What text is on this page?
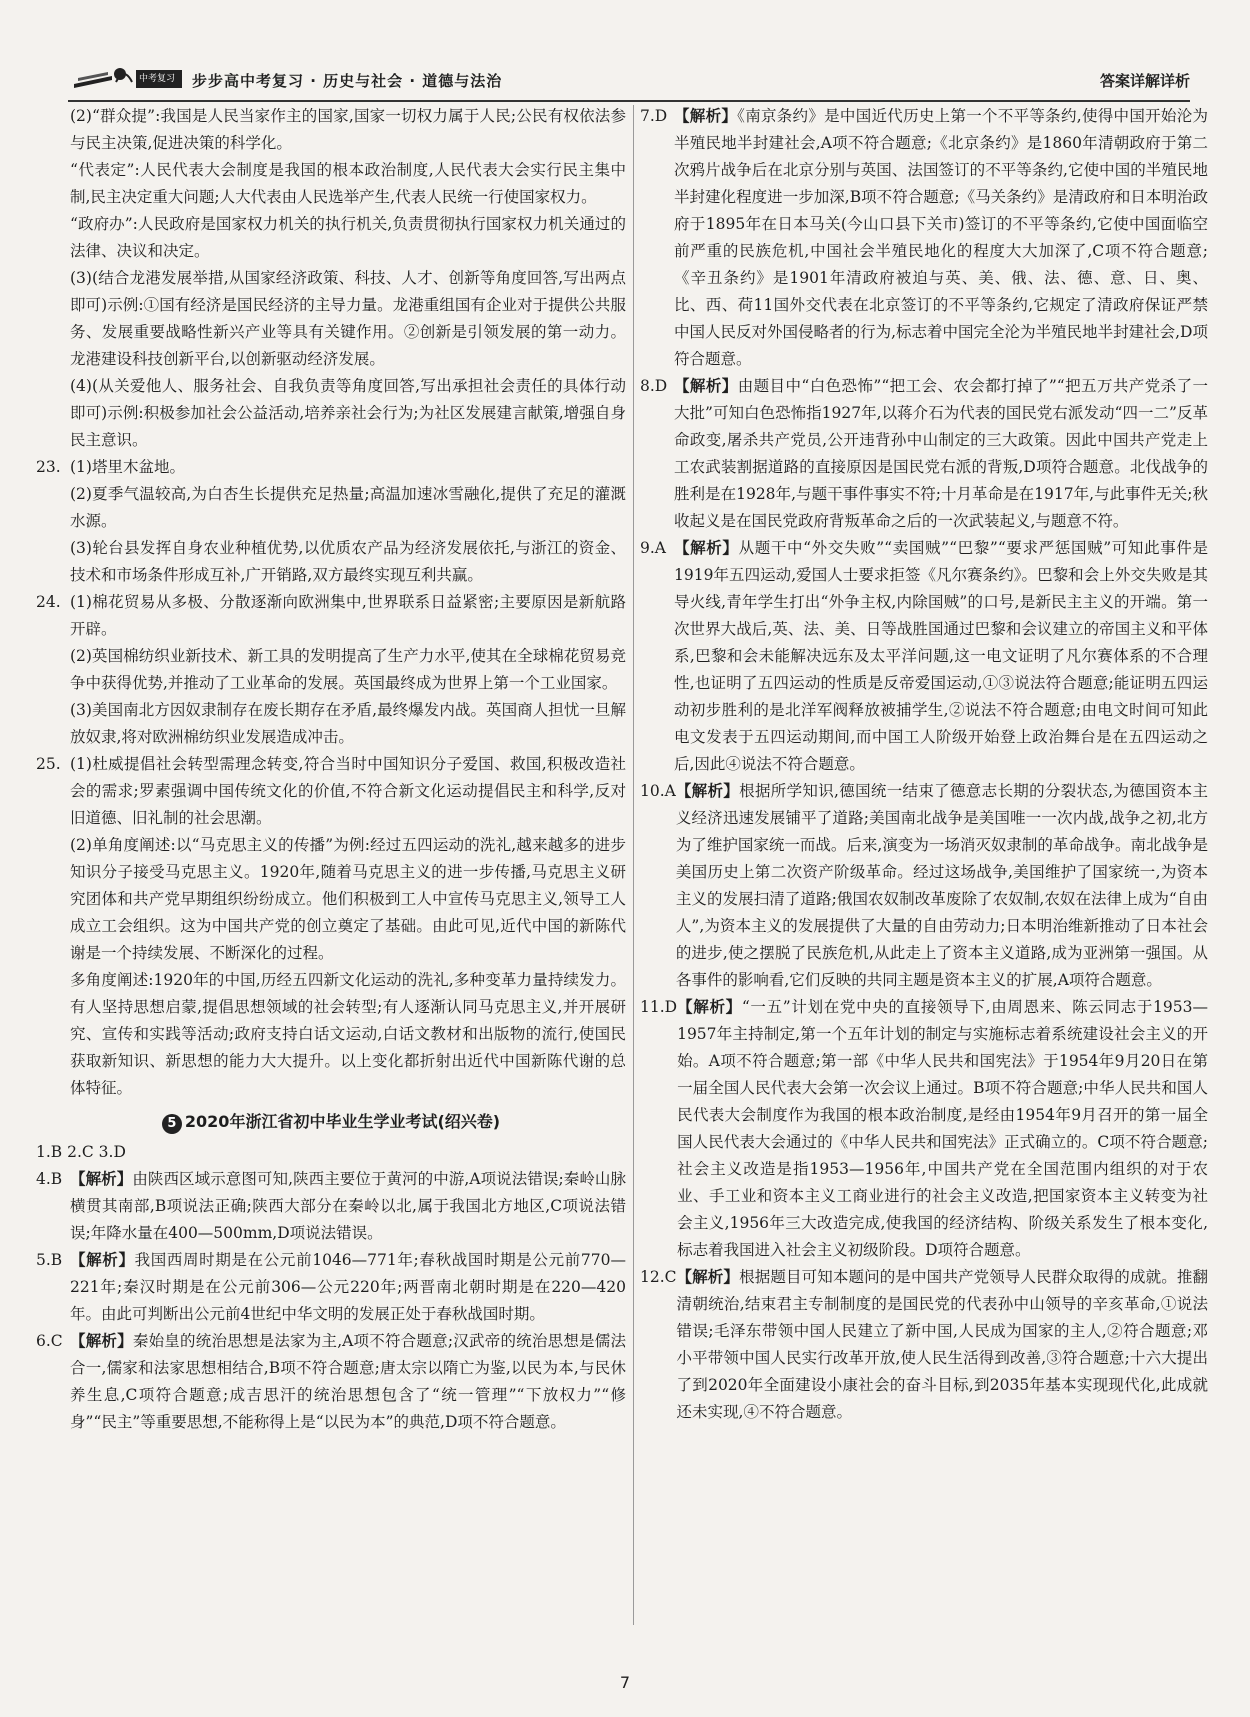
中考复习 步步高中考复习 · 历史与社会 · 道德与法治	答案详解详析

(2)“群众提”:我国是人民当家作主的国家,国家一切权力属于人民;公民有权依法参与民主决策,促进决策的科学化。

“代表定”:人民代表大会制度是我国的根本政治制度,人民代表大会实行民主集中制,民主决定重大问题;人大代表由人民选举产生,代表人民统一行使国家权力。

“政府办”:人民政府是国家权力机关的执行机关,负责贯彻执行国家权力机关通过的法律、决议和决定。

(3)(结合龙港发展举措,从国家经济政策、科技、人才、创新等角度回答,写出两点即可)示例:①国有经济是国民经济的主导力量。龙港重组国有企业对于提供公共服务、发展重要战略性新兴产业等具有关键作用。②创新是引领发展的第一动力。龙港建设科技创新平台,以创新驱动经济发展。

(4)(从关爱他人、服务社会、自我负责等角度回答,写出承担社会责任的具体行动即可)示例:积极参加社会公益活动,培养亲社会行为;为社区发展建言献策,增强自身民主意识。

23. (1)塔里木盆地。

(2)夏季气温较高,为白杏生长提供充足热量;高温加速冰雪融化,提供了充足的灌溉水源。

(3)轮台县发挥自身农业种植优势,以优质农产品为经济发展依托,与浙江的资金、技术和市场条件形成互补,广开销路,双方最终实现互利共赢。

24. (1)棉花贸易从多极、分散逐渐向欧洲集中,世界联系日益紧密;主要原因是新航路开辟。

(2)英国棉纺织业新技术、新工具的发明提高了生产力水平,使其在全球棉花贸易竞争中获得优势,并推动了工业革命的发展。英国最终成为世界上第一个工业国家。

(3)美国南北方因奴隶制存在废长期存在矛盾,最终爆发内战。英国商人担忧一旦解放奴隶,将对欧洲棉纺织业发展造成冲击。

25. (1)杜威提倡社会转型需理念转变,符合当时中国知识分子爱国、救国,积极改造社会的需求;罗素强调中国传统文化的价值,不符合新文化运动提倡民主和科学,反对旧道德、旧礼制的社会思潮。

(2)单角度阐述:以“马克思主义的传播”为例:经过五四运动的洗礼,越来越多的进步知识分子接受马克思主义。1920年,随着马克思主义的进一步传播,马克思主义研究团体和共产党早期组织纷纷成立。他们积极到工人中宣传马克思主义,领导工人成立工会组织。这为中国共产党的创立奠定了基础。由此可见,近代中国的新陈代谢是一个持续发展、不断深化的过程。

多角度阐述:1920年的中国,历经五四新文化运动的洗礼,多种变革力量持续发力。有人坚持思想启蒙,提倡思想领域的社会转型;有人逐渐认同马克思主义,并开展研究、宣传和实践等活动;政府支持白话文运动,白话文教材和出版物的流行,使国民获取新知识、新思想的能力大大提升。以上变化都折射出近代中国新陈代谢的总体特征。

5 2020年浙江省初中毕业生学业考试(绍兴卷)

1.B 2.C 3.D

4.B 【解析】由陕西区域示意图可知,陕西主要位于黄河的中游,A项说法错误;秦岭山脉横贯其南部,B项说法正确;陕西大部分在秦岭以北,属于我国北方地区,C项说法错误;年降水量在400—500mm,D项说法错误。
5.B 【解析】我国西周时期是在公元前1046—771年;春秋战国时期是公元前770—221年;秦汉时期是在公元前306—公元220年;两晋南北朝时期是在220—420年。由此可判断出公元前4世纪中华文明的发展正处于春秋战国时期。
6.C 【解析】秦始皇的统治思想是法家为主,A项不符合题意;汉武帝的统治思想是儒法合一,儒家和法家思想相结合,B项不符合题意;唐太宗以隋亡为鉴,以民为本,与民休养生息,C项符合题意;成吉思汗的统治思想包含了“统一管理”“下放权力”“修身”“民主”等重要思想,不能称得上是“以民为本”的典范,D项不符合题意。
7.D 【解析】《南京条约》是中国近代历史上第一个不平等条约,使得中国开始沦为半殖民地半封建社会,A项不符合题意;《北京条约》是1860年清朝政府于第二次鸦片战争后在北京分别与英国、法国签订的不平等条约,它使中国的半殖民地半封建化程度进一步加深,B项不符合题意;《马关条约》是清政府和日本明治政府于1895年在日本马关(今山口县下关市)签订的不平等条约,它使中国面临空前严重的民族危机,中国社会半殖民地化的程度大大加深了,C项不符合题意;《辛丑条约》是1901年清政府被迫与英、美、俄、法、德、意、日、奥、比、西、荷11国外交代表在北京签订的不平等条约,它规定了清政府保证严禁中国人民反对外国侵略者的行为,标志着中国完全沦为半殖民地半封建社会,D项符合题意。
8.D 【解析】由题目中“白色恐怖”“把工会、农会都打掉了”“把五万共产党杀了一大批”可知白色恐怖指1927年,以蒋介石为代表的国民党右派发动“四一二”反革命政变,屠杀共产党员,公开违背孙中山制定的三大政策。因此中国共产党走上工农武装割据道路的直接原因是国民党右派的背叛,D项符合题意。北伐战争的胜利是在1928年,与题干事件事实不符;十月革命是在1917年,与此事件无关;秋收起义是在国民党政府背叛革命之后的一次武装起义,与题意不符。
9.A 【解析】从题干中“外交失败”“卖国贼”“巴黎”“要求严惩国贼”可知此事件是1919年五四运动,爱国人士要求拒签《凡尔赛条约》。巴黎和会上外交失败是其导火线,青年学生打出“外争主权,内除国贼”的口号,是新民主主义的开端。第一次世界大战后,英、法、美、日等战胜国通过巴黎和会议建立的帝国主义和平体系,巴黎和会未能解决远东及太平洋问题,这一电文证明了凡尔赛体系的不合理性,也证明了五四运动的性质是反帝爱国运动,①③说法符合题意;能证明五四运动初步胜利的是北洋军阀释放被捕学生,②说法不符合题意;由电文时间可知此电文发表于五四运动期间,而中国工人阶级开始登上政治舞台是在五四运动之后,因此④说法不符合题意。
10.A 【解析】根据所学知识,德国统一结束了德意志长期的分裂状态,为德国资本主义经济迅速发展铺平了道路;美国南北战争是美国唯一一次内战,战争之初,北方为了维护国家统一而战。后来,演变为一场消灭奴隶制的革命战争。南北战争是美国历史上第二次资产阶级革命。经过这场战争,美国维护了国家统一,为资本主义的发展扫清了道路;俄国农奴制改革废除了农奴制,农奴在法律上成为“自由人”,为资本主义的发展提供了大量的自由劳动力;日本明治维新推动了日本社会的进步,使之摆脱了民族危机,从此走上了资本主义道路,成为亚洲第一强国。从各事件的影响看,它们反映的共同主题是资本主义的扩展,A项符合题意。
11.D 【解析】“一五”计划在党中央的直接领导下,由周恩来、陈云同志于1953—1957年主持制定,第一个五年计划的制定与实施标志着系统建设社会主义的开始。A项不符合题意;第一部《中华人民共和国宪法》于1954年9月20日在第一届全国人民代表大会第一次会议上通过。B项不符合题意;中华人民共和国人民代表大会制度作为我国的根本政治制度,是经由1954年9月召开的第一届全国人民代表大会通过的《中华人民共和国宪法》正式确立的。C项不符合题意;社会主义改造是指1953—1956年,中国共产党在全国范围内组织的对于农业、手工业和资本主义工商业进行的社会主义改造,把国家资本主义转变为社会主义,1956年三大改造完成,使我国的经济结构、阶级关系发生了根本变化,标志着我国进入社会主义初级阶段。D项符合题意。
12.C 【解析】根据题目可知本题问的是中国共产党领导人民群众取得的成就。推翻清朝统治,结束君主专制制度的是国民党的代表孙中山领导的辛亥革命,①说法错误;毛泽东带领中国人民建立了新中国,人民成为国家的主人,②符合题意;邓小平带领中国人民实行改革开放,使人民生活得到改善,③符合题意;十六大提出了到2020年全面建设小康社会的奋斗目标,到2035年基本实现现代化,此成就还未实现,④不符合题意。
7
